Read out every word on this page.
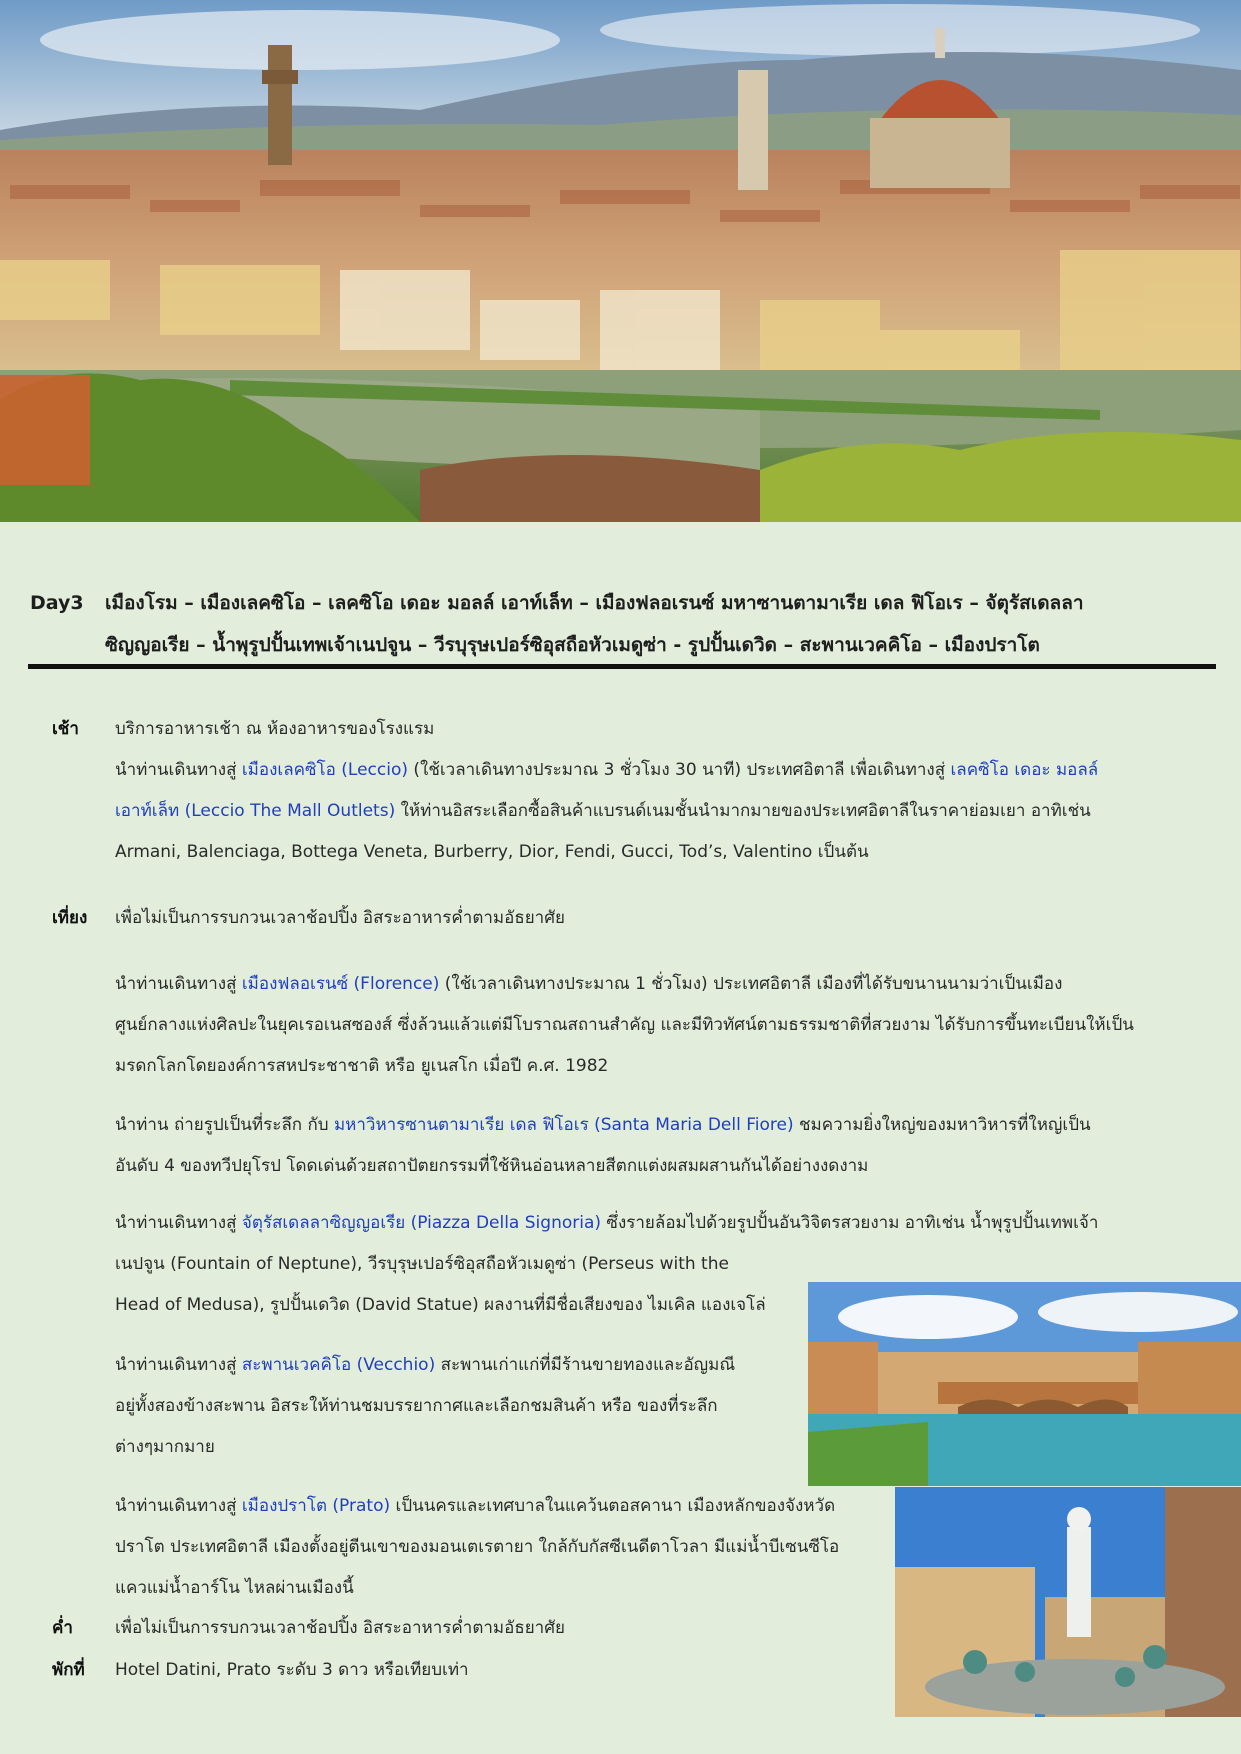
Day3 เมืองโรม – เมืองเลคซิโอ – เลคซิโอ เดอะ มอลล์ เอาท์เล็ท – เมืองฟลอเรนซ์ มหาซานตามาเรีย เดล ฟิโอเร – จัตุรัสเดลลา
ซิญญอเรีย – น้ำพุรูปปั้นเทพเจ้าเนปจูน – วีรบุรุษเปอร์ซิอุสถือหัวเมดูซ่า - รูปปั้นเดวิด – สะพานเวคคิโอ – เมืองปราโต
เช้า บริการอาหารเช้า ณ ห้องอาหารของโรงแรม
นำท่านเดินทางสู่ เมืองเลคซิโอ (Leccio) (ใช้เวลาเดินทางประมาณ 3 ชั่วโมง 30 นาที) ประเทศอิตาลี เพื่อเดินทางสู่ เลคซิโอ เดอะ มอลล์
เอาท์เล็ท (Leccio The Mall Outlets) ให้ท่านอิสระเลือกซื้อสินค้าแบรนด์เนมชั้นนำมากมายของประเทศอิตาลีในราคาย่อมเยา อาทิเช่น
Armani, Balenciaga, Bottega Veneta, Burberry, Dior, Fendi, Gucci, Tod’s, Valentino เป็นต้น
เที่ยง เพื่อไม่เป็นการรบกวนเวลาช้อปปิ้ง อิสระอาหารค่ำตามอัธยาศัย
นำท่านเดินทางสู่ เมืองฟลอเรนซ์ (Florence) (ใช้เวลาเดินทางประมาณ 1 ชั่วโมง) ประเทศอิตาลี เมืองที่ได้รับขนานนามว่าเป็นเมือง
ศูนย์กลางแห่งศิลปะในยุคเรอเนสซองส์ ซึ่งล้วนแล้วแต่มีโบราณสถานสำคัญ และมีทิวทัศน์ตามธรรมชาติที่สวยงาม ได้รับการขึ้นทะเบียนให้เป็น
มรดกโลกโดยองค์การสหประชาชาติ หรือ ยูเนสโก เมื่อปี ค.ศ. 1982
นำท่าน ถ่ายรูปเป็นที่ระลึก กับ มหาวิหารซานตามาเรีย เดล ฟิโอเร (Santa Maria Dell Fiore) ชมความยิ่งใหญ่ของมหาวิหารที่ใหญ่เป็น
อันดับ 4 ของทวีปยุโรป โดดเด่นด้วยสถาปัตยกรรมที่ใช้หินอ่อนหลายสีตกแต่งผสมผสานกันได้อย่างงดงาม
นำท่านเดินทางสู่ จัตุรัสเดลลาซิญญอเรีย (Piazza Della Signoria) ซึ่งรายล้อมไปด้วยรูปปั้นอันวิจิตรสวยงาม อาทิเช่น น้ำพุรูปปั้นเทพเจ้า
เนปจูน (Fountain of Neptune), วีรบุรุษเปอร์ซิอุสถือหัวเมดูซ่า (Perseus with the
Head of Medusa), รูปปั้นเดวิด (David Statue) ผลงานที่มีชื่อเสียงของ ไมเคิล แองเจโล่
นำท่านเดินทางสู่ สะพานเวคคิโอ (Vecchio) สะพานเก่าแก่ที่มีร้านขายทองและอัญมณี
อยู่ทั้งสองข้างสะพาน อิสระให้ท่านชมบรรยากาศและเลือกชมสินค้า หรือ ของที่ระลึก
ต่างๆมากมาย
นำท่านเดินทางสู่ เมืองปราโต (Prato) เป็นนครและเทศบาลในแคว้นตอสคานา เมืองหลักของจังหวัด
ปราโต ประเทศอิตาลี เมืองตั้งอยู่ตีนเขาของมอนเตเรตายา ใกล้กับกัสซีเนดีตาโวลา มีแม่น้ำบีเซนซีโอ
แควแม่น้ำอาร์โน ไหลผ่านเมืองนี้
ค่ำ เพื่อไม่เป็นการรบกวนเวลาช้อปปิ้ง อิสระอาหารค่ำตามอัธยาศัย
พักที่ Hotel Datini, Prato ระดับ 3 ดาว หรือเทียบเท่า
